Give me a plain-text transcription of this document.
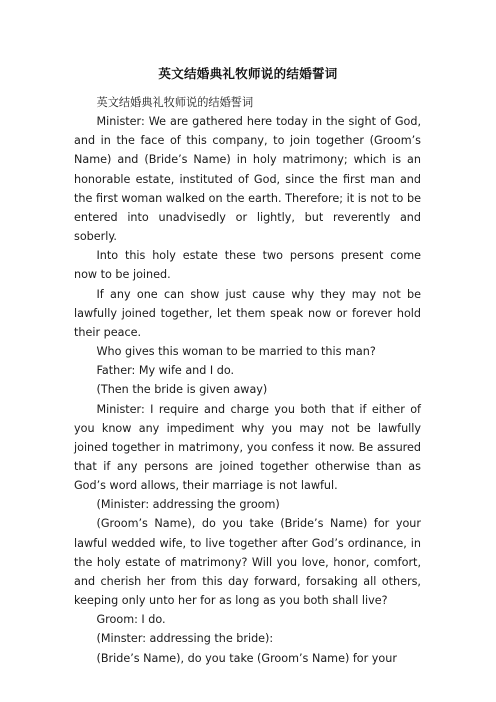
英文结婚典礼牧师说的结婚誓词

英文结婚典礼牧师说的结婚誓词

Minister: We are gathered here today in the sight of God, and in the face of this company, to join together (Groom’s Name) and (Bride’s Name) in holy matrimony; which is an honorable estate, instituted of God, since the first man and the first woman walked on the earth. Therefore; it is not to be entered into unadvisedly or lightly, but reverently and soberly.

Into this holy estate these two persons present come now to be joined.

If any one can show just cause why they may not be lawfully joined together, let them speak now or forever hold their peace.

Who gives this woman to be married to this man?

Father: My wife and I do.

(Then the bride is given away)

Minister: I require and charge you both that if either of you know any impediment why you may not be lawfully joined together in matrimony, you confess it now. Be assured that if any persons are joined together otherwise than as God’s word allows, their marriage is not lawful.

(Minister: addressing the groom)

(Groom’s Name), do you take (Bride’s Name) for your lawful wedded wife, to live together after God’s ordinance, in the holy estate of matrimony? Will you love, honor, comfort, and cherish her from this day forward, forsaking all others, keeping only unto her for as long as you both shall live?

Groom: I do.

(Minster: addressing the bride):

(Bride’s Name), do you take (Groom’s Name) for your
